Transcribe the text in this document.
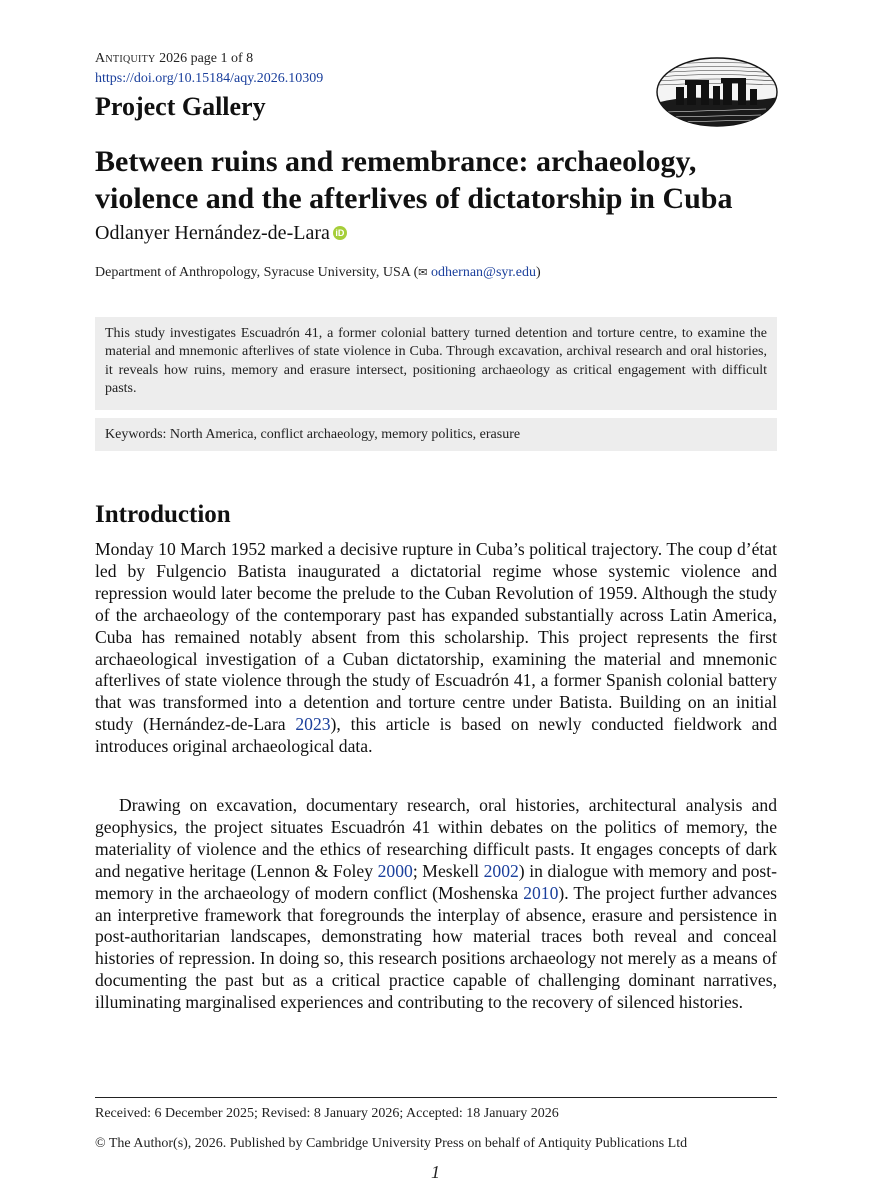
Antiquity 2026 page 1 of 8
https://doi.org/10.15184/aqy.2026.10309
Project Gallery
Between ruins and remembrance: archaeology, violence and the afterlives of dictatorship in Cuba
Odlanyer Hernández-de-Lara iD
Department of Anthropology, Syracuse University, USA (✉ odhernan@syr.edu)
This study investigates Escuadrón 41, a former colonial battery turned detention and torture centre, to examine the material and mnemonic afterlives of state violence in Cuba. Through excavation, archival research and oral histories, it reveals how ruins, memory and erasure intersect, positioning archaeology as critical engagement with difficult pasts.
Keywords: North America, conflict archaeology, memory politics, erasure
Introduction

Monday 10 March 1952 marked a decisive rupture in Cuba’s political trajectory. The coup d’état led by Fulgencio Batista inaugurated a dictatorial regime whose systemic violence and repression would later become the prelude to the Cuban Revolution of 1959. Although the study of the archaeology of the contemporary past has expanded substantially across Latin America, Cuba has remained notably absent from this scholarship. This project represents the first archaeological investigation of a Cuban dictatorship, examining the material and mnemonic afterlives of state violence through the study of Escuadrón 41, a former Spanish colonial battery that was transformed into a detention and torture centre under Batista. Building on an initial study (Hernández-de-Lara 2023), this article is based on newly conducted fieldwork and introduces original archaeological data.

Drawing on excavation, documentary research, oral histories, architectural analysis and geophysics, the project situates Escuadrón 41 within debates on the politics of memory, the materiality of violence and the ethics of researching difficult pasts. It engages concepts of dark and negative heritage (Lennon & Foley 2000; Meskell 2002) in dialogue with memory and post-memory in the archaeology of modern conflict (Moshenska 2010). The project further advances an interpretive framework that foregrounds the interplay of absence, erasure and persistence in post-authoritarian landscapes, demonstrating how material traces both reveal and conceal histories of repression. In doing so, this research positions archaeology not merely as a means of documenting the past but as a critical practice capable of challenging dominant narratives, illuminating marginalised experiences and contributing to the recovery of silenced histories.

Received: 6 December 2025; Revised: 8 January 2026; Accepted: 18 January 2026
© The Author(s), 2026. Published by Cambridge University Press on behalf of Antiquity Publications Ltd
1
